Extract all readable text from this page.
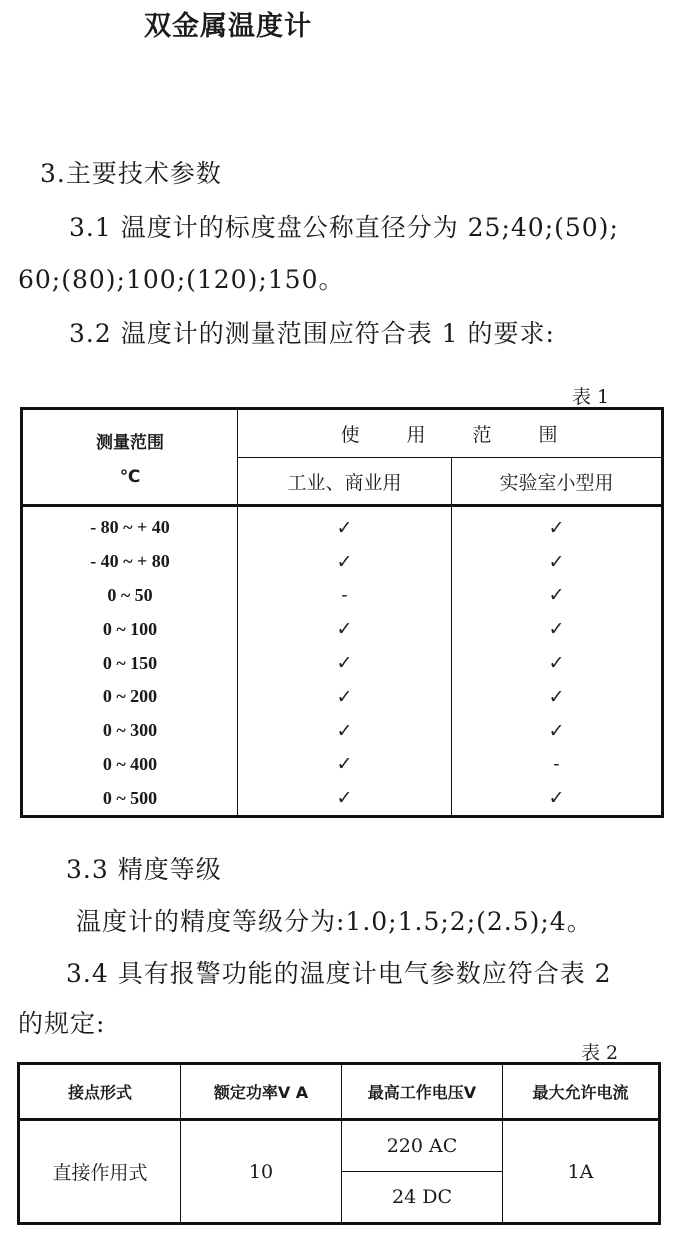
双金属温度计
3.主要技术参数
3.1 温度计的标度盘公称直径分为 25;40;(50);
60;(80);100;(120);150。
3.2 温度计的测量范围应符合表 1 的要求:
表 1
测量范围
℃	使 用 范 围	
	工业、商业用	实验室小型用
- 80 ~ + 40	✓	✓
- 40 ~ + 80	✓	✓
0 ~ 50	-	✓
0 ~ 100	✓	✓
0 ~ 150	✓	✓
0 ~ 200	✓	✓
0 ~ 300	✓	✓
0 ~ 400	✓	-
0 ~ 500	✓	✓
3.3 精度等级
温度计的精度等级分为:1.0;1.5;2;(2.5);4。
3.4 具有报警功能的温度计电气参数应符合表 2
的规定:
表 2
接点形式	额定功率V A	最高工作电压V	最大允许电流
直接作用式	10	220 AC	1A
		24 DC	
